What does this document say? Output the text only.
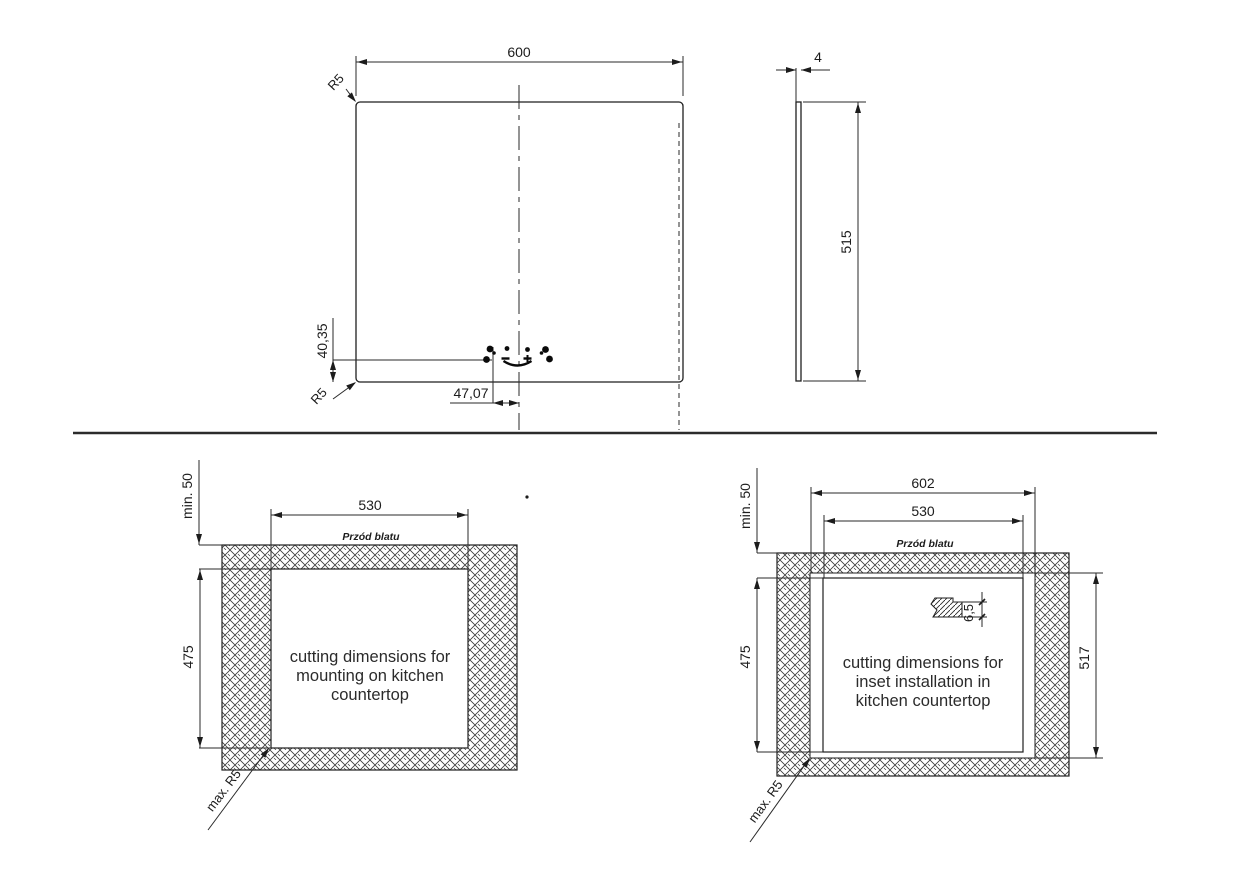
600
R5
40,35
R5	47,07
4
515
min. 50	530
Przód blatu
475
max. R5
cutting dimensions for
mounting on kitchen
countertop
min. 50
602
530
Przód blatu
475	517
6,5
max. R5
cutting dimensions for
inset installation in
kitchen countertop
